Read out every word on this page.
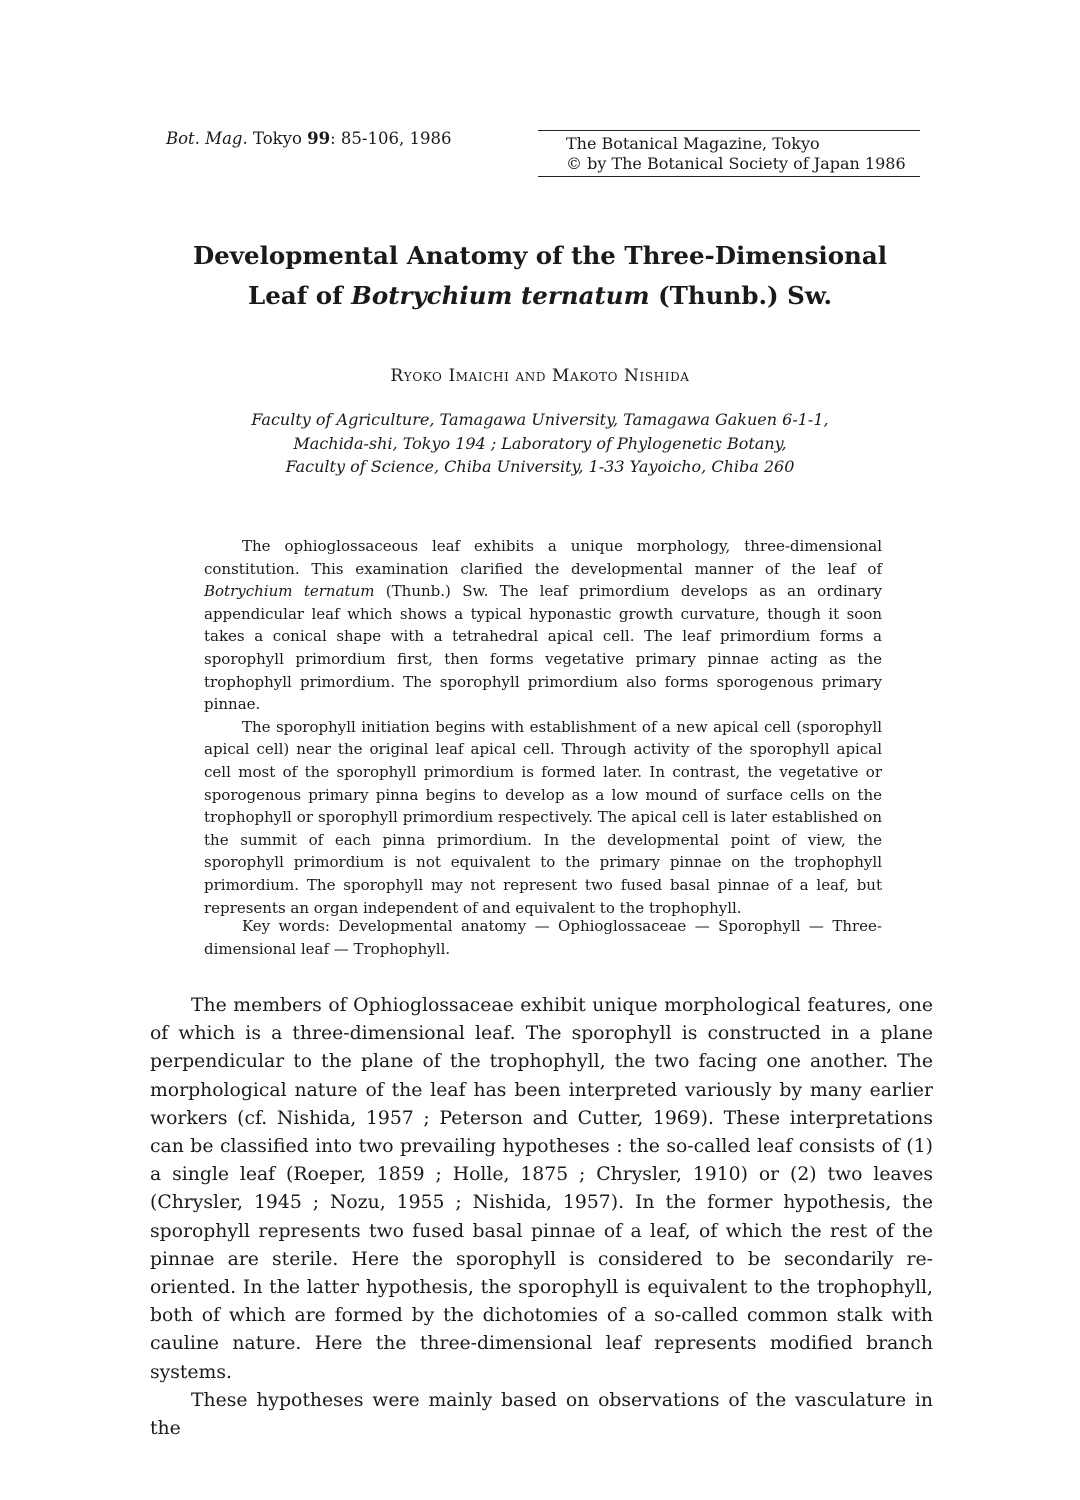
Bot. Mag. Tokyo 99: 85-106, 1986	The Botanical Magazine, Tokyo
© by The Botanical Society of Japan 1986
Developmental Anatomy of the Three-Dimensional
Leaf of Botrychium ternatum (Thunb.) Sw.
Ryoko Imaichi and Makoto Nishida
Faculty of Agriculture, Tamagawa University, Tamagawa Gakuen 6-1-1,
Machida-shi, Tokyo 194 ; Laboratory of Phylogenetic Botany,
Faculty of Science, Chiba University, 1-33 Yayoicho, Chiba 260

The ophioglossaceous leaf exhibits a unique morphology, three-dimensional constitution. This examination clarified the developmental manner of the leaf of Botrychium ternatum (Thunb.) Sw. The leaf primordium develops as an ordinary appendicular leaf which shows a typical hyponastic growth curvature, though it soon takes a conical shape with a tetrahedral apical cell. The leaf primordium forms a sporophyll primordium first, then forms vegetative primary pinnae acting as the trophophyll primordium. The sporophyll primordium also forms sporogenous primary pinnae.

The sporophyll initiation begins with establishment of a new apical cell (sporophyll apical cell) near the original leaf apical cell. Through activity of the sporophyll apical cell most of the sporophyll primordium is formed later. In contrast, the vegetative or sporogenous primary pinna begins to develop as a low mound of surface cells on the trophophyll or sporophyll primordium respectively. The apical cell is later established on the summit of each pinna primordium. In the developmental point of view, the sporophyll primordium is not equivalent to the primary pinnae on the trophophyll primordium. The sporophyll may not represent two fused basal pinnae of a leaf, but represents an organ independent of and equivalent to the trophophyll.

Key words: Developmental anatomy — Ophioglossaceae — Sporophyll — Three-dimensional leaf — Trophophyll.

The members of Ophioglossaceae exhibit unique morphological features, one of which is a three-dimensional leaf. The sporophyll is constructed in a plane perpendicular to the plane of the trophophyll, the two facing one another. The morphological nature of the leaf has been interpreted variously by many earlier workers (cf. Nishida, 1957 ; Peterson and Cutter, 1969). These interpretations can be classified into two prevailing hypotheses : the so-called leaf consists of (1) a single leaf (Roeper, 1859 ; Holle, 1875 ; Chrysler, 1910) or (2) two leaves (Chrysler, 1945 ; Nozu, 1955 ; Nishida, 1957). In the former hypothesis, the sporophyll represents two fused basal pinnae of a leaf, of which the rest of the pinnae are sterile. Here the sporophyll is considered to be secondarily re-oriented. In the latter hypothesis, the sporophyll is equivalent to the trophophyll, both of which are formed by the dichotomies of a so-called common stalk with cauline nature. Here the three-dimensional leaf represents modified branch systems.

These hypotheses were mainly based on observations of the vasculature in the
